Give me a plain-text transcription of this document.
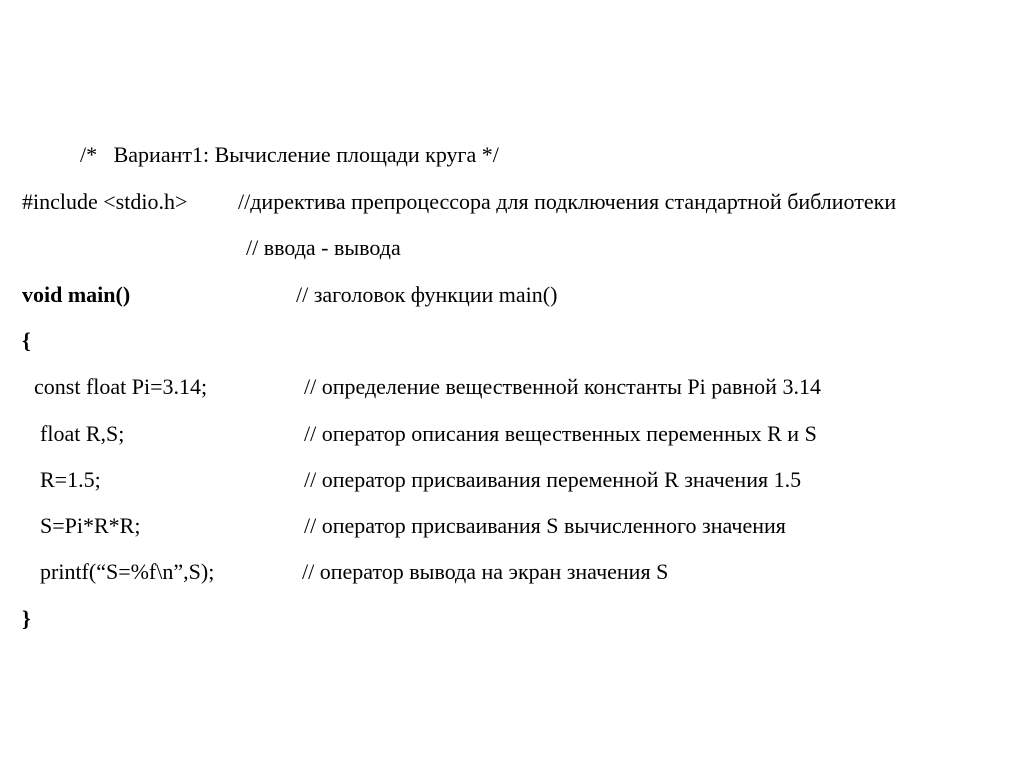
/*   Вариант1: Вычисление площади круга */
#include <stdio.h> //директива препроцессора для подключения стандартной библиотеки
// ввода - вывода
void main()	// заголовок функции main()
{
const float Pi=3.14;	// определение вещественной константы Pi равной 3.14
float R,S;	// оператор описания вещественных переменных R и S
R=1.5;	// оператор присваивания переменной R значения 1.5
S=Pi*R*R;	// оператор присваивания S вычисленного значения
printf(“S=%f\n”,S);	// оператор вывода на экран значения S
}
